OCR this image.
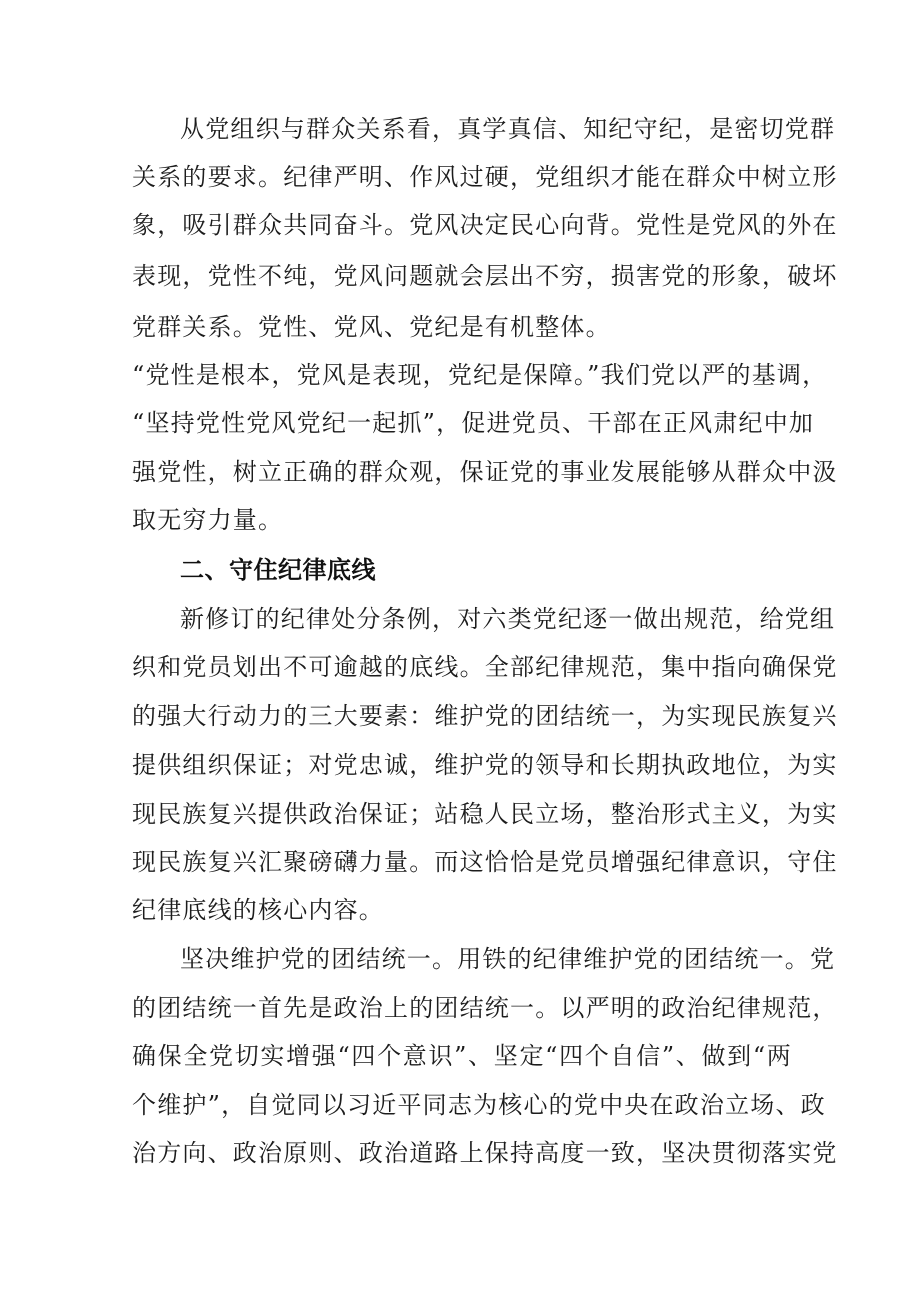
从党组织与群众关系看，真学真信、知纪守纪，是密切党群
关系的要求。纪律严明、作风过硬，党组织才能在群众中树立形
象，吸引群众共同奋斗。党风决定民心向背。党性是党风的外在
表现，党性不纯，党风问题就会层出不穷，损害党的形象，破坏
党群关系。党性、党风、党纪是有机整体。
“党性是根本，党风是表现，党纪是保障。”我们党以严的基调，
“坚持党性党风党纪一起抓”，促进党员、干部在正风肃纪中加
强党性，树立正确的群众观，保证党的事业发展能够从群众中汲
取无穷力量。
二、守住纪律底线
新修订的纪律处分条例，对六类党纪逐一做出规范，给党组
织和党员划出不可逾越的底线。全部纪律规范，集中指向确保党
的强大行动力的三大要素：维护党的团结统一，为实现民族复兴
提供组织保证；对党忠诚，维护党的领导和长期执政地位，为实
现民族复兴提供政治保证；站稳人民立场，整治形式主义，为实
现民族复兴汇聚磅礴力量。而这恰恰是党员增强纪律意识，守住
纪律底线的核心内容。
坚决维护党的团结统一。用铁的纪律维护党的团结统一。党
的团结统一首先是政治上的团结统一。以严明的政治纪律规范，
确保全党切实增强“四个意识”、坚定“四个自信”、做到“两
个维护”，自觉同以习近平同志为核心的党中央在政治立场、政
治方向、政治原则、政治道路上保持高度一致，坚决贯彻落实党
